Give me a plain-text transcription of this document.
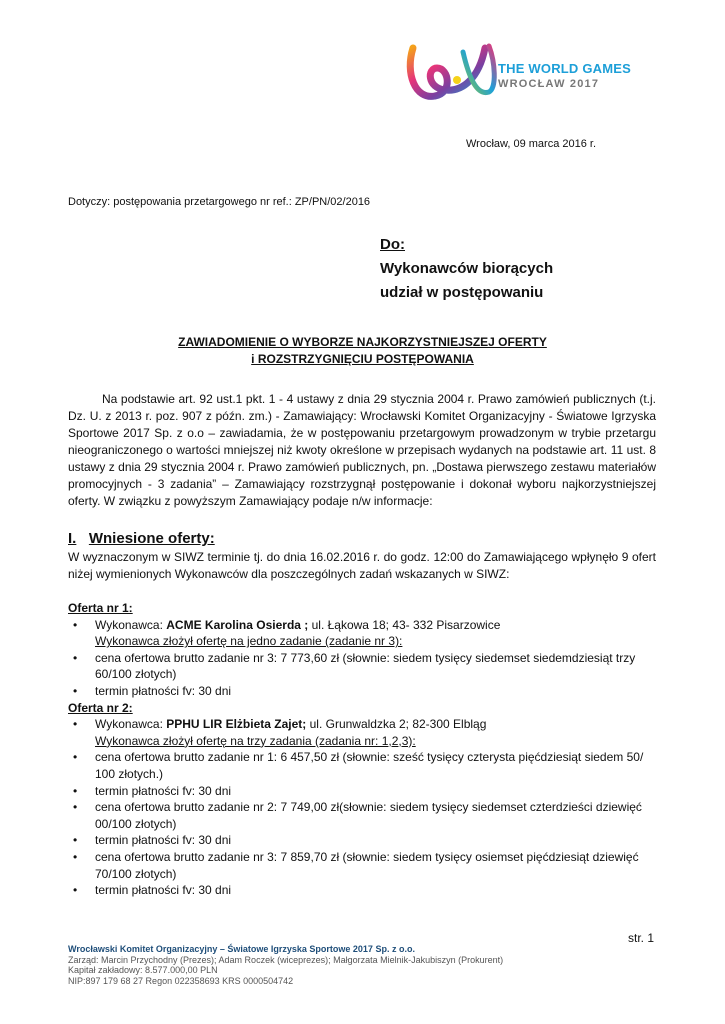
THE WORLD GAMES
WROCŁAW 2017
Wrocław, 09 marca 2016 r.
Dotyczy: postępowania przetargowego nr ref.: ZP/PN/02/2016
Do:
Wykonawców biorących
udział w postępowaniu
ZAWIADOMIENIE O WYBORZE NAJKORZYSTNIEJSZEJ OFERTY
i ROZSTRZYGNIĘCIU POSTĘPOWANIA
Na podstawie art. 92 ust.1 pkt. 1 - 4 ustawy z dnia 29 stycznia 2004 r. Prawo zamówień publicznych (t.j. Dz. U. z 2013 r. poz. 907 z późn. zm.) - Zamawiający: Wrocławski Komitet Organizacyjny - Światowe Igrzyska Sportowe 2017 Sp. z o.o – zawiadamia, że w postępowaniu przetargowym prowadzonym w trybie przetargu nieograniczonego o wartości mniejszej niż kwoty określone w przepisach wydanych na podstawie art. 11 ust. 8 ustawy z dnia 29 stycznia 2004 r. Prawo zamówień publicznych, pn. „Dostawa pierwszego zestawu materiałów promocyjnych - 3 zadania” – Zamawiający rozstrzygnął postępowanie i dokonał wyboru najkorzystniejszej oferty. W związku z powyższym Zamawiający podaje n/w informacje:
I. Wniesione oferty:
W wyznaczonym w SIWZ terminie tj. do dnia 16.02.2016 r. do godz. 12:00 do Zamawiającego wpłynęło 9 ofert niżej wymienionych Wykonawców dla poszczególnych zadań wskazanych w SIWZ:
Oferta nr 1:
• Wykonawca: ACME Karolina Osierda ; ul. Łąkowa 18; 43- 332 Pisarzowice
Wykonawca złożył ofertę na jedno zadanie (zadanie nr 3):
• cena ofertowa brutto zadanie nr 3: 7 773,60 zł (słownie: siedem tysięcy siedemset siedemdziesiąt trzy 60/100 złotych)
• termin płatności fv: 30 dni
Oferta nr 2:
• Wykonawca: PPHU LIR Elżbieta Zajet; ul. Grunwaldzka 2; 82-300 Elbląg
Wykonawca złożył ofertę na trzy zadania (zadania nr: 1,2,3):
• cena ofertowa brutto zadanie nr 1: 6 457,50 zł (słownie: sześć tysięcy czterysta pięćdziesiąt siedem 50/ 100 złotych.)
• termin płatności fv: 30 dni
• cena ofertowa brutto zadanie nr 2: 7 749,00 zł(słownie: siedem tysięcy siedemset czterdzieści dziewięć 00/100 złotych)
• termin płatności fv: 30 dni
• cena ofertowa brutto zadanie nr 3: 7 859,70 zł (słownie: siedem tysięcy osiemset pięćdziesiąt dziewięć 70/100 złotych)
• termin płatności fv: 30 dni
str. 1
Wrocławski Komitet Organizacyjny – Światowe Igrzyska Sportowe 2017 Sp. z o.o.
Zarząd: Marcin Przychodny (Prezes); Adam Roczek (wiceprezes); Małgorzata Mielnik-Jakubiszyn (Prokurent)
Kapitał zakładowy: 8.577.000,00 PLN
NIP:897 179 68 27 Regon 022358693 KRS 0000504742
